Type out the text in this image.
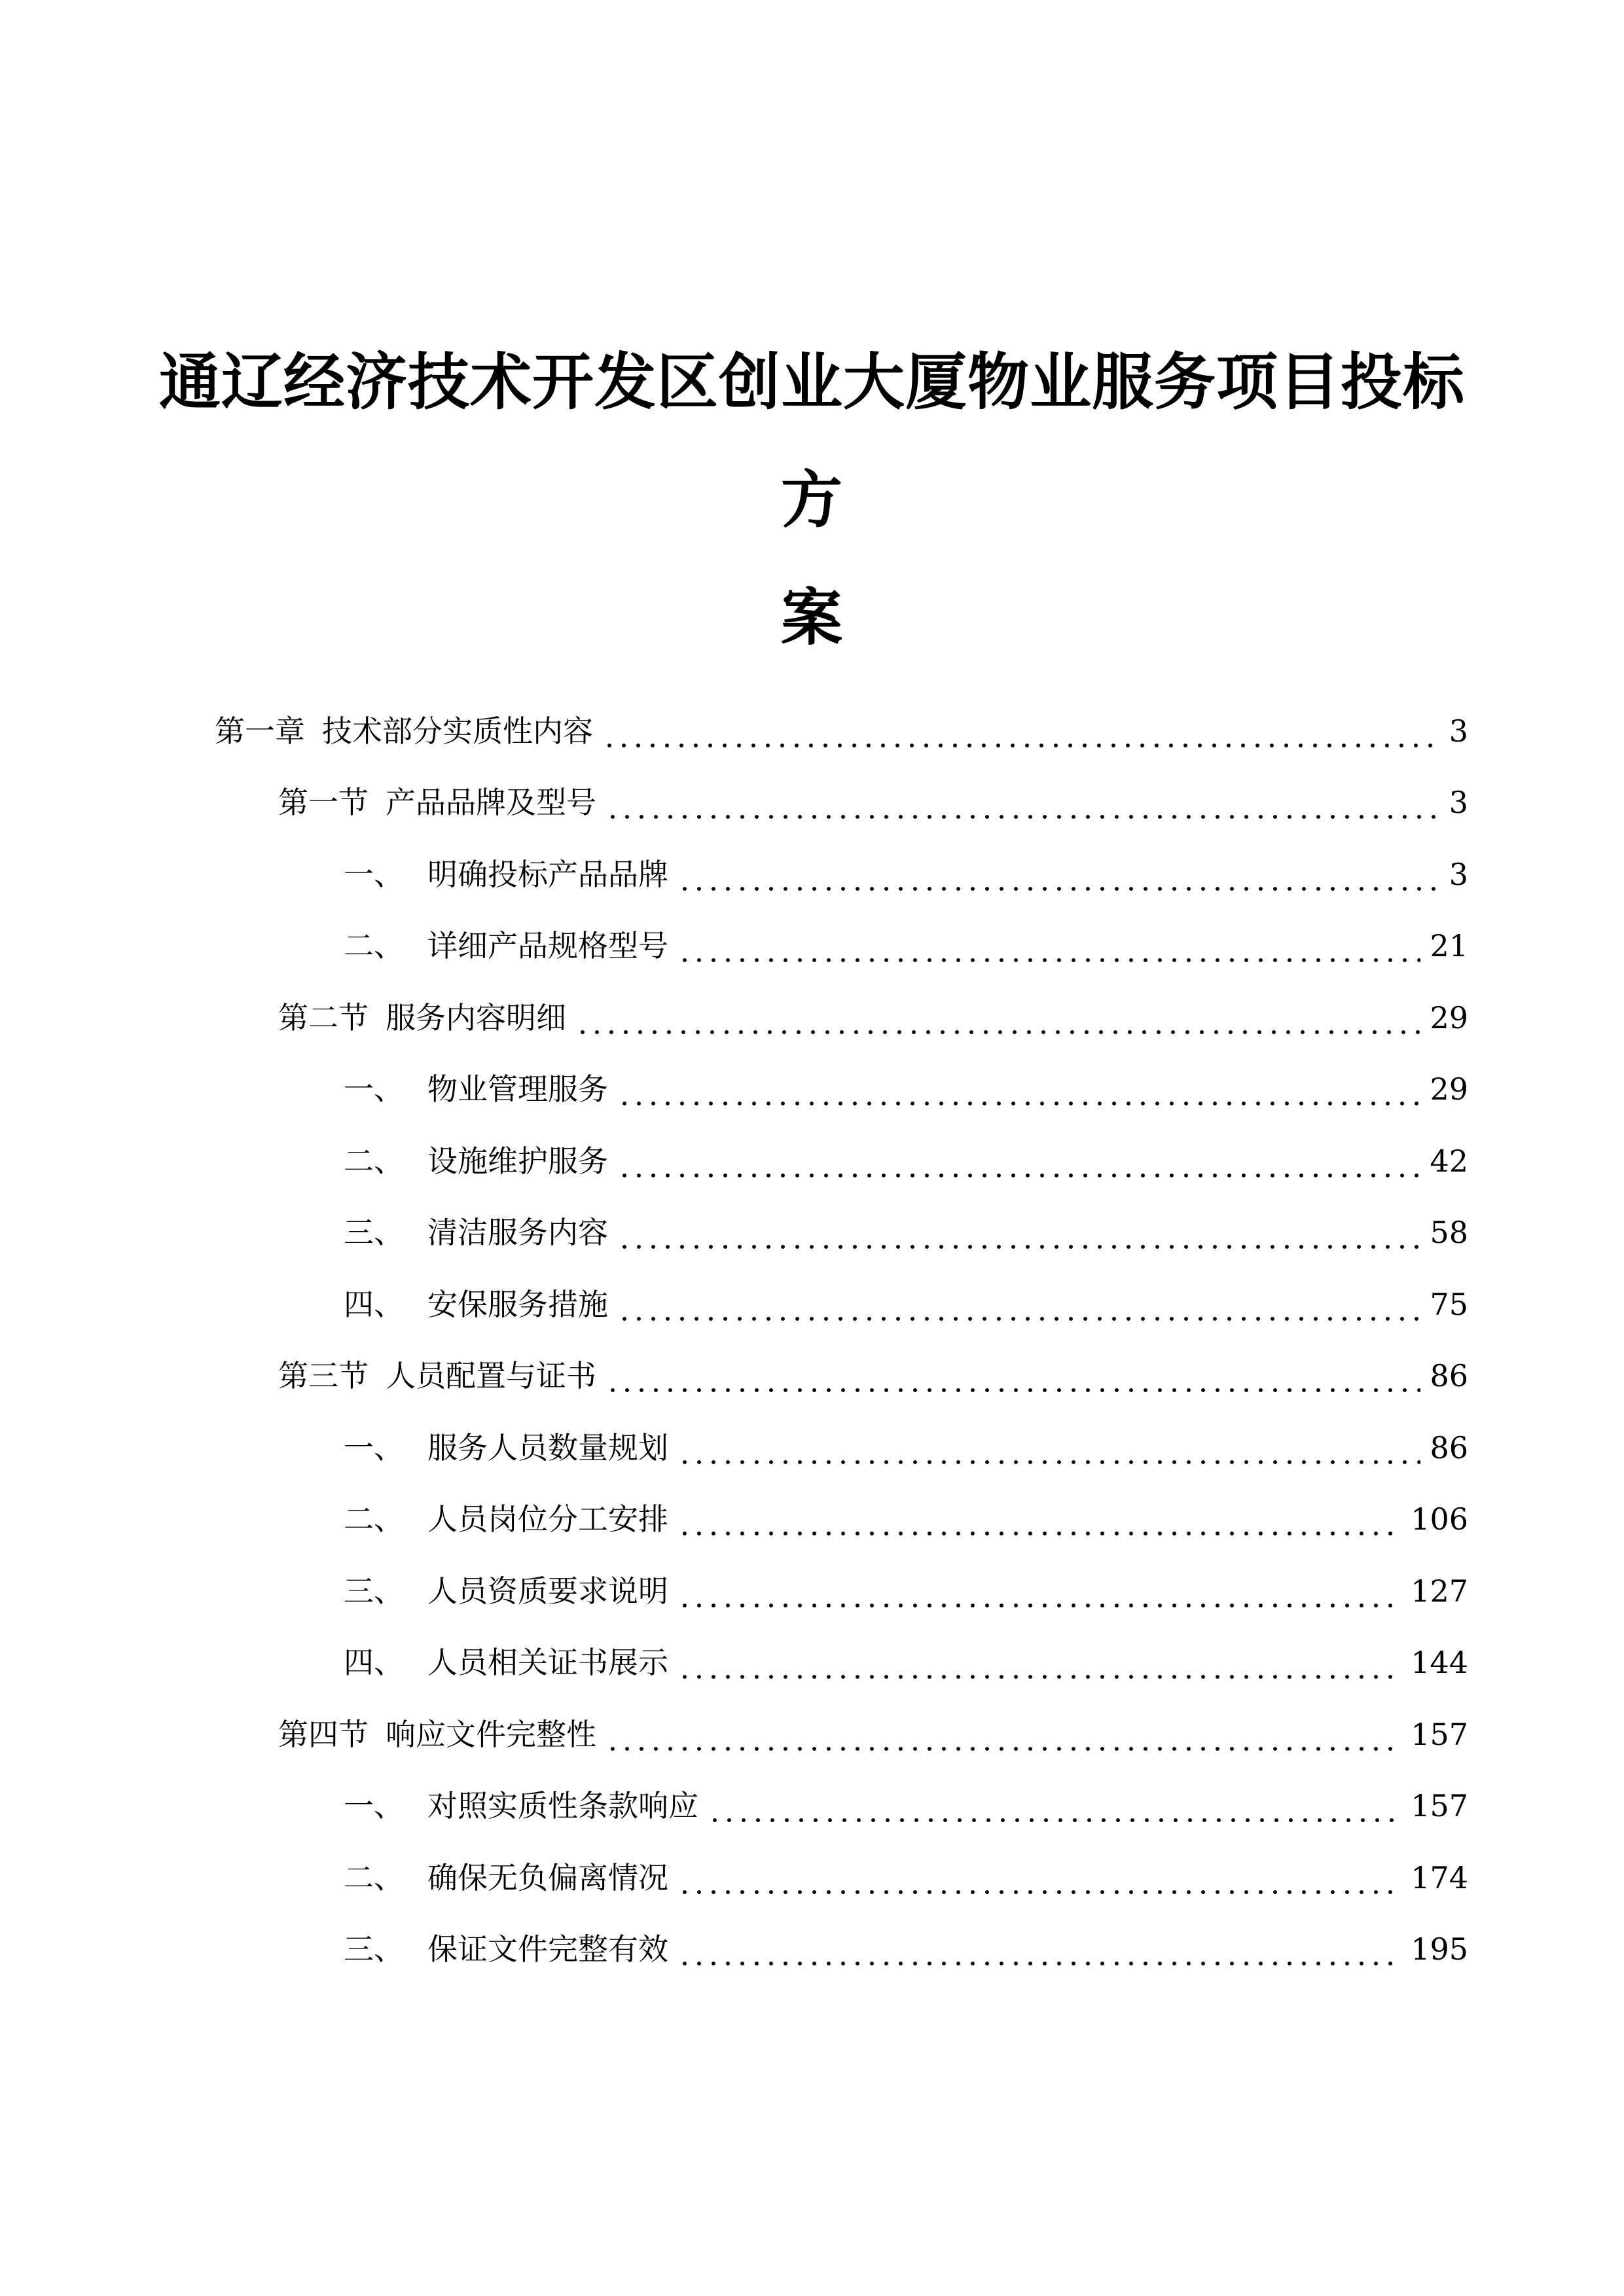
通辽经济技术开发区创业大厦物业服务项目投标方
案
第一章 技术部分实质性内容	3
第一节 产品品牌及型号	3
一、 明确投标产品品牌	3
二、 详细产品规格型号	21
第二节 服务内容明细	29
一、 物业管理服务	29
二、 设施维护服务	42
三、 清洁服务内容	58
四、 安保服务措施	75
第三节 人员配置与证书	86
一、 服务人员数量规划	86
二、 人员岗位分工安排	106
三、 人员资质要求说明	127
四、 人员相关证书展示	144
第四节 响应文件完整性	157
一、 对照实质性条款响应	157
二、 确保无负偏离情况	174
三、 保证文件完整有效	195
